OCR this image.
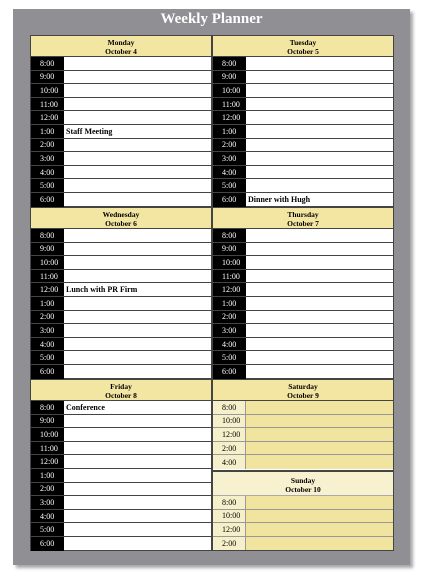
Weekly Planner
Monday
October 4
8:00
9:00
10:00
11:00
12:00
1:00	Staff Meeting
2:00
3:00
4:00
5:00
6:00
Tuesday
October 5
8:00
9:00
10:00
11:00
12:00
1:00
2:00
3:00
4:00
5:00
6:00	Dinner with Hugh
Wednesday
October 6
8:00
9:00
10:00
11:00
12:00 Lunch with PR Firm
1:00
2:00
3:00
4:00
5:00
6:00
Thursday
October 7
8:00
9:00
10:00
11:00
12:00
1:00
2:00
3:00
4:00
5:00
6:00
Friday
October 8
8:00	Conference
9:00
10:00
11:00
12:00
1:00
2:00
3:00
4:00
5:00
6:00
Saturday
October 9
8:00
10:00
12:00
2:00
4:00
Sunday
October 10
8:00
10:00
12:00
2:00
